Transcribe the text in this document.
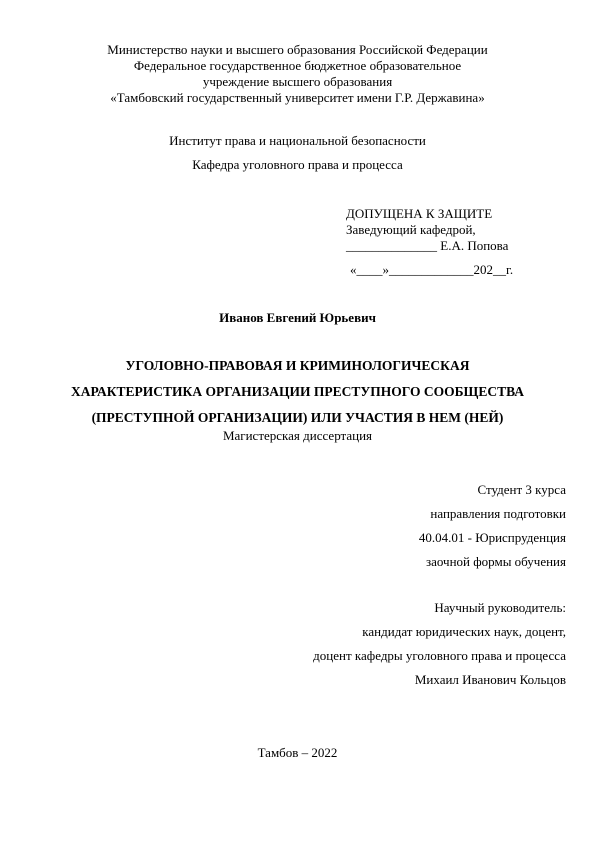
Министерство науки и высшего образования Российской Федерации
Федеральное государственное бюджетное образовательное
учреждение высшего образования
«Тамбовский государственный университет имени Г.Р. Державина»
Институт права и национальной безопасности
Кафедра уголовного права и процесса
ДОПУЩЕНА К ЗАЩИТЕ
Заведующий кафедрой,
______________ Е.А. Попова
«____»_____________202__г.
Иванов Евгений Юрьевич
УГОЛОВНО-ПРАВОВАЯ И КРИМИНОЛОГИЧЕСКАЯ
ХАРАКТЕРИСТИКА ОРГАНИЗАЦИИ ПРЕСТУПНОГО СООБЩЕСТВА
(ПРЕСТУПНОЙ ОРГАНИЗАЦИИ) ИЛИ УЧАСТИЯ В НЕМ (НЕЙ)
Магистерская диссертация
Студент 3 курса
направления подготовки
40.04.01 - Юриспруденция
заочной формы обучения
Научный руководитель:
кандидат юридических наук, доцент,
доцент кафедры уголовного права и процесса
Михаил Иванович Кольцов
Тамбов – 2022
